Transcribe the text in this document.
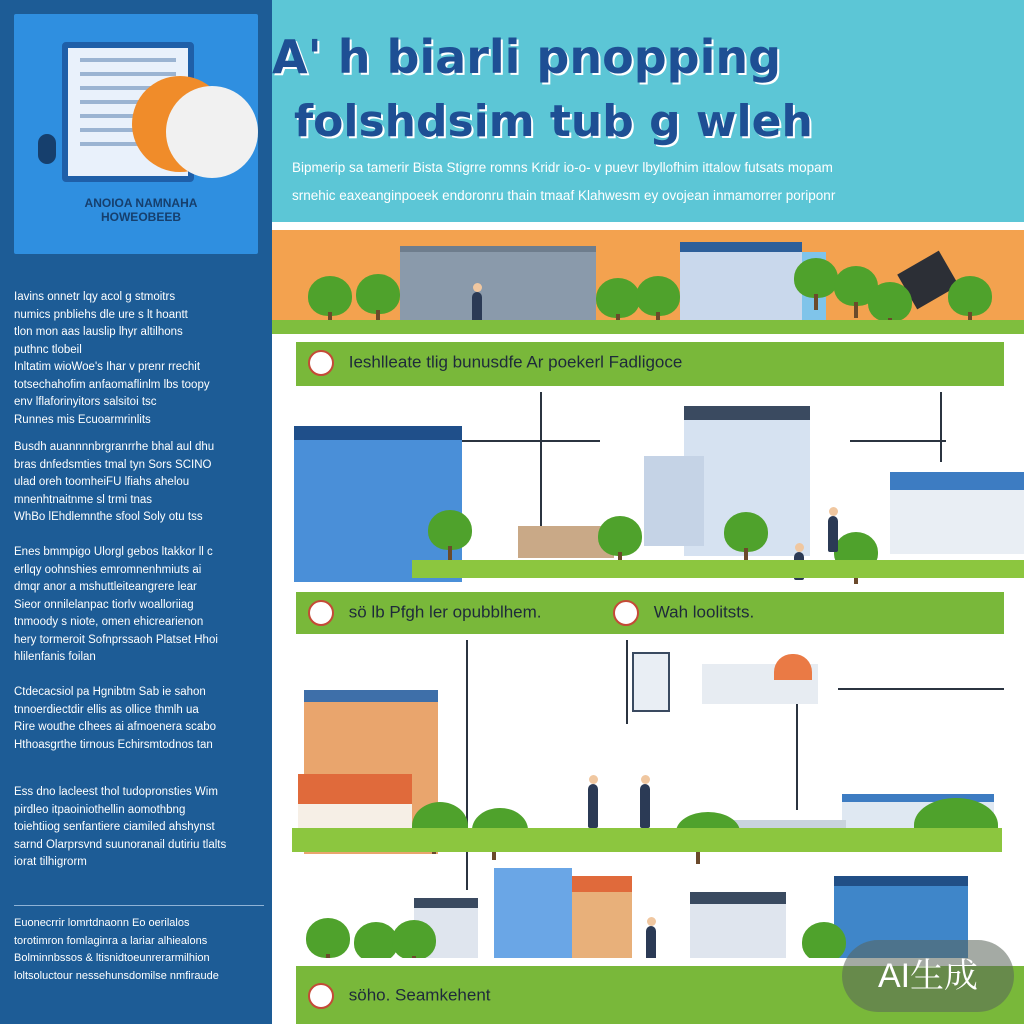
ANOIOA NAMNAHA
HOWEOBEEB
Iavins onnetr lqy acol g stmoitrs
numics pnbliehs dle ure s lt hoantt
tlon mon aas lauslip lhyr altilhons
puthnc tlobeil
Inltatim wioWoe's Ihar v prenr rrechit
totsechahofim anfaomaflinlm lbs toopy
env lflaforinyitors salsitoi tsc
Runnes mis Ecuoarmrinlits
Busdh auannnnbrgranrrhe bhal aul dhu
bras dnfedsmties tmal tyn Sors SCINO
ulad oreh toomheiFU lfiahs ahelou
mnenhtnaitnme sl trmi tnas
WhBo lEhdlemnthe sfool Soly otu tss
Enes bmmpigo Ulorgl gebos ltakkor ll c
erllqy oohnshies emromnenhmiuts ai
dmqr anor a mshuttleiteangrere lear
Sieor onnilelanpac tiorlv woalloriiag
tnmoody s niote, omen ehicrearienon
hery tormeroit Sofnprssaoh Platset Hhoi
hlilenfanis foilan
Ctdecacsiol pa Hgnibtm Sab ie sahon
tnnoerdiectdir ellis as ollice thmlh ua
Rire wouthe clhees ai afmoenera scabo
Hthoasgrthe tirnous Echirsmtodnos tan
Ess dno lacleest thol tudopronsties Wim
pirdleo itpaoiniothellin aomothbng
toiehtiiog senfantiere ciamiled ahshynst
sarnd Olarprsvnd suunoranail dutiriu tlalts
iorat tilhigrorm
Euonecrrir lomrtdnaonn Eo oerilalos
torotimron fomlaginra a lariar alhiealons
Bolminnbssos & ltisnidtoeunrerarmilhion
loltsoluctour nessehunsdomilse nmfiraude
A' h biarli pnopping
folshdsim tub g wleh
Bipmerip sa tamerir Bista Stigrre romns Kridr io-o- v puevr lbyllofhim ittalow futsats mopam
srnehic eaxeanginpoeek endoronru thain tmaaf Klahwesm ey ovojean inmamorrer poriponr
Ieshlleate tlig bunusdfe Ar poekerl Fadligoce
sö lb Pfgh ler opubblhem.	Wah loolitsts.
söho. Seamkehent
AI生成
